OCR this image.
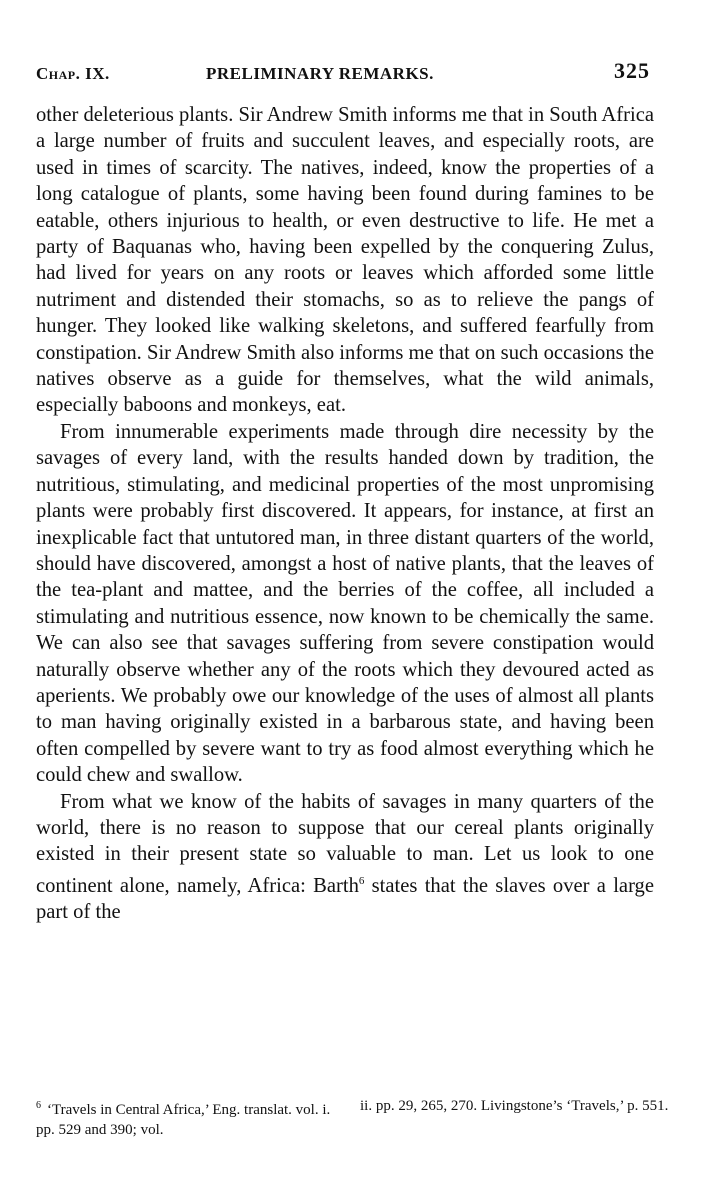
Chap. IX.	PRELIMINARY REMARKS.	325

other deleterious plants. Sir Andrew Smith informs me that in South Africa a large number of fruits and succulent leaves, and especially roots, are used in times of scarcity. The natives, indeed, know the properties of a long catalogue of plants, some having been found during famines to be eatable, others injurious to health, or even destructive to life. He met a party of Baquanas who, having been expelled by the conquering Zulus, had lived for years on any roots or leaves which afforded some little nutriment and distended their stomachs, so as to relieve the pangs of hunger. They looked like walking skeletons, and suffered fearfully from constipation. Sir Andrew Smith also informs me that on such occasions the natives observe as a guide for themselves, what the wild animals, especially baboons and monkeys, eat.

From innumerable experiments made through dire necessity by the savages of every land, with the results handed down by tradition, the nutritious, stimulating, and medicinal properties of the most unpromising plants were probably first discovered. It appears, for instance, at first an inexplicable fact that untutored man, in three distant quarters of the world, should have discovered, amongst a host of native plants, that the leaves of the tea-plant and mattee, and the berries of the coffee, all included a stimulating and nutritious essence, now known to be chemically the same. We can also see that savages suffering from severe constipation would naturally observe whether any of the roots which they devoured acted as aperients. We probably owe our knowledge of the uses of almost all plants to man having originally existed in a barbarous state, and having been often compelled by severe want to try as food almost everything which he could chew and swallow.

From what we know of the habits of savages in many quarters of the world, there is no reason to suppose that our cereal plants originally existed in their present state so valuable to man. Let us look to one continent alone, namely, Africa: Barth$^6$ states that the slaves over a large part of the

$^6$ ‘Travels in Central Africa,’ Eng. translat. vol. i. pp. 529 and 390; vol.
ii. pp. 29, 265, 270. Livingstone’s ‘Travels,’ p. 551.
